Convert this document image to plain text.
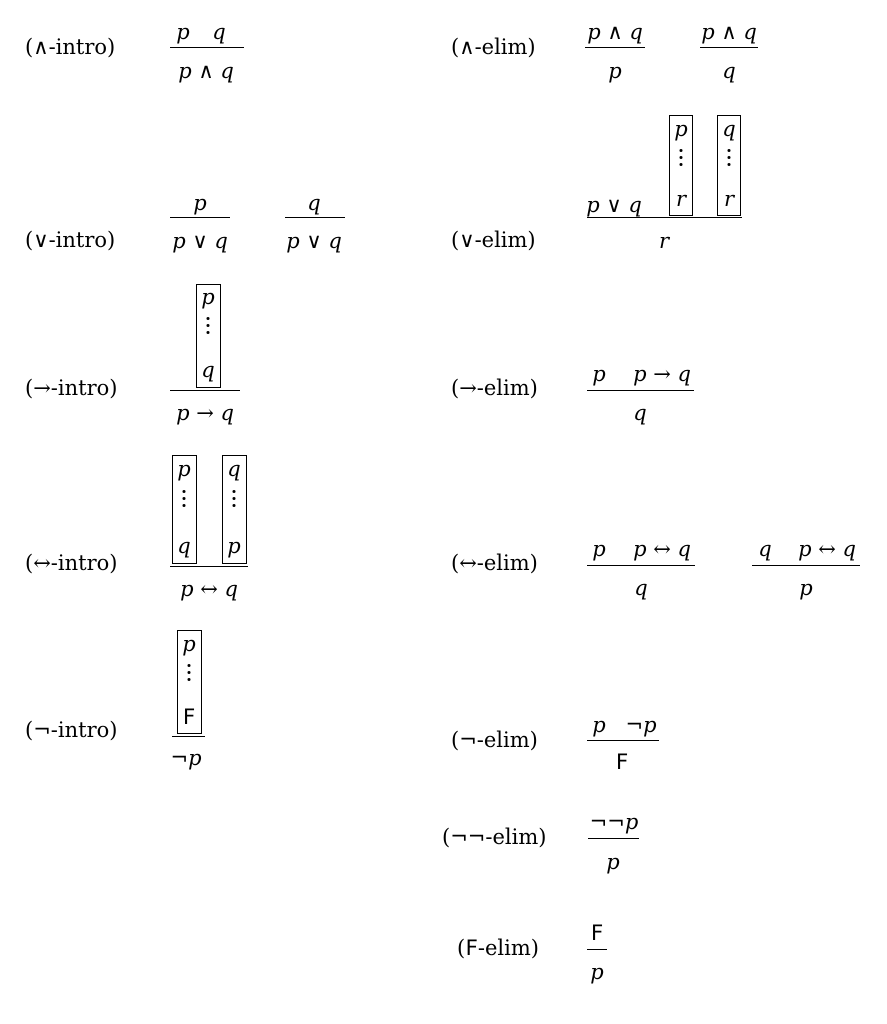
(∧-intro)
p q
p ∧ q
(∨-intro)
p
p ∨ q
q
p ∨ q
(→-intro)
p
q
p → q
(↔-intro)
p
q
q
p
p ↔ q
(¬-intro)
p
F
¬p
(∧-elim)
p ∧ q
p
p ∧ q
q
(∨-elim)
p ∨ q
p
r
q
r
r
(→-elim)
p p → q
q
(↔-elim)
p p ↔ q
q
q p ↔ q
p
(¬-elim)
p ¬p
F
(¬¬-elim)
¬¬p
p
(F-elim)
F
p
